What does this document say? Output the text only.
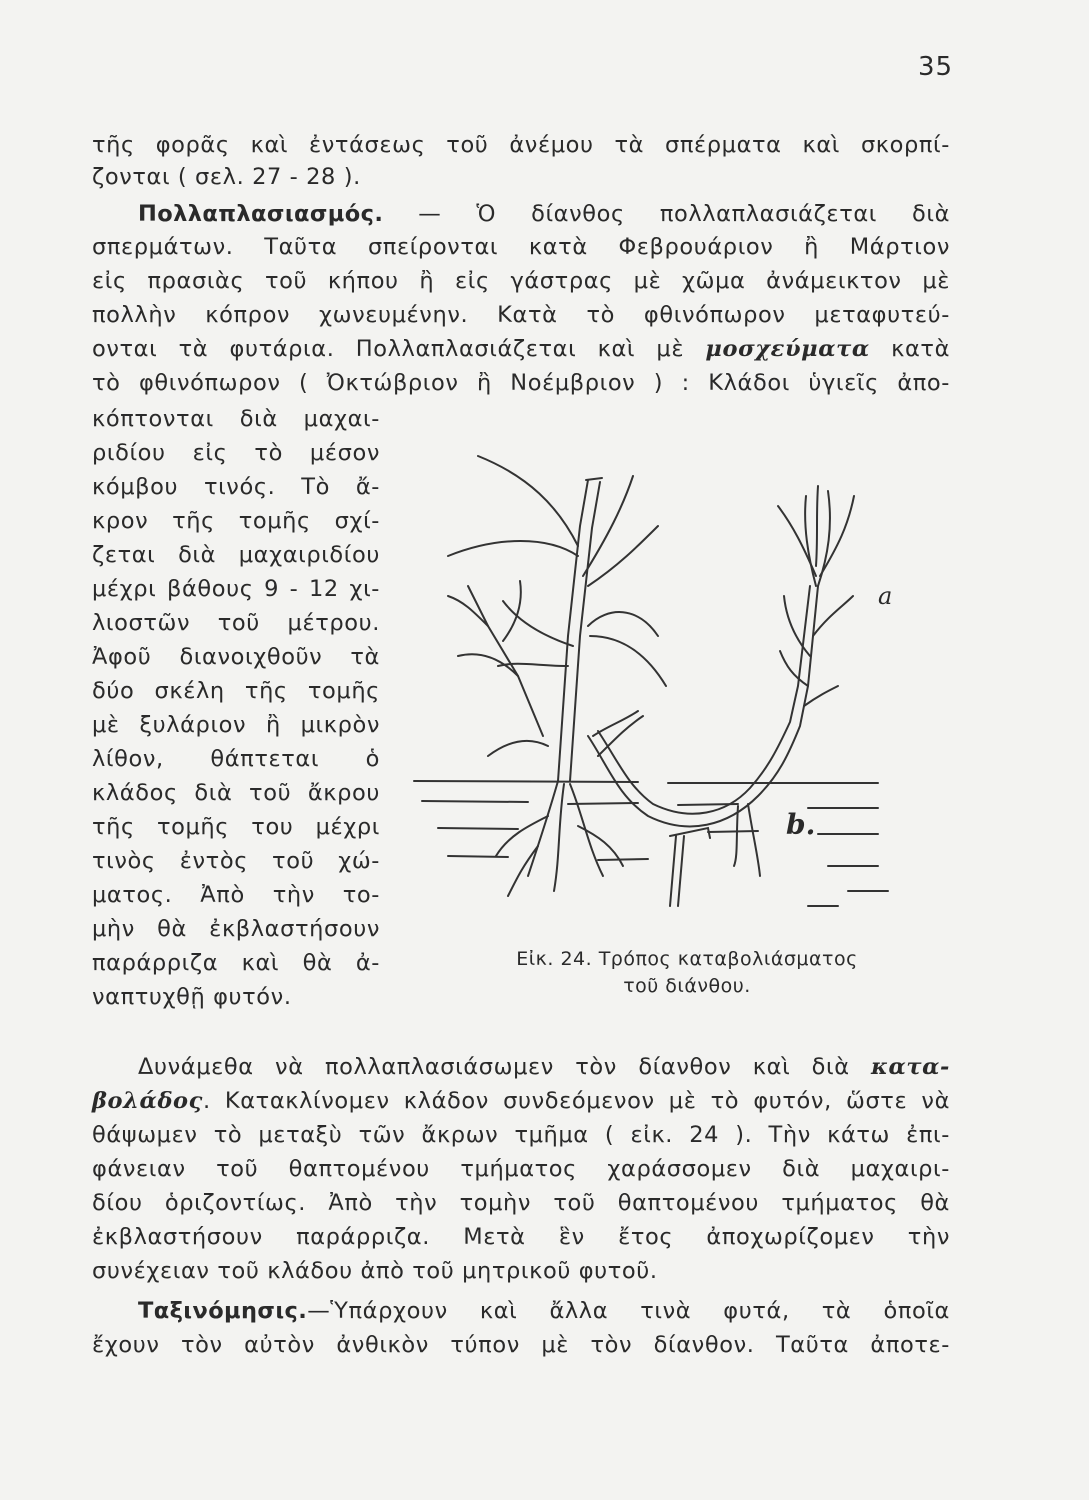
35
τῆς φορᾶς καὶ ἐντάσεως τοῦ ἀνέμου τὰ σπέρματα καὶ σκορπί-
ζονται ( σελ. 27 - 28 ).
Πολλαπλασιασμός. — Ὁ δίανθος πολλαπλασιάζεται διὰ
σπερμάτων. Ταῦτα σπείρονται κατὰ Φεβρουάριον ἢ Μάρτιον
εἰς πρασιὰς τοῦ κήπου ἢ εἰς γάστρας μὲ χῶμα ἀνάμεικτον μὲ
πολλὴν κόπρον χωνευμένην. Κατὰ τὸ φθινόπωρον μεταφυτεύ-
ονται τὰ φυτάρια. Πολλαπλασιάζεται καὶ μὲ μοσχεύματα κατὰ
τὸ φθινόπωρον ( Ὀκτώβριον ἢ Νοέμβριον ) : Κλάδοι ὑγιεῖς ἀπο-
κόπτονται διὰ μαχαι-
ριδίου εἰς τὸ μέσον
κόμβου τινός. Τὸ ἄ-
κρον τῆς τομῆς σχί-
ζεται διὰ μαχαιριδίου
μέχρι βάθους 9 - 12 χι-
λιοστῶν τοῦ μέτρου.
Ἀφοῦ διανοιχθοῦν τὰ
δύο σκέλη τῆς τομῆς
μὲ ξυλάριον ἢ μικρὸν
λίθον, θάπτεται ὁ
κλάδος διὰ τοῦ ἄκρου
τῆς τομῆς του μέχρι
τινὸς ἐντὸς τοῦ χώ-
ματος. Ἀπὸ τὴν το-
μὴν θὰ ἐκβλαστήσουν
παράρριζα καὶ θὰ ἀ-
ναπτυχθῇ φυτόν.
a
b.
Εἰκ. 24. Τρόπος καταβολιάσματος
τοῦ διάνθου.
Δυνάμεθα νὰ πολλαπλασιάσωμεν τὸν δίανθον καὶ διὰ κατα-
βολάδος. Κατακλίνομεν κλάδον συνδεόμενον μὲ τὸ φυτόν, ὥστε νὰ
θάψωμεν τὸ μεταξὺ τῶν ἄκρων τμῆμα ( εἰκ. 24 ). Τὴν κάτω ἐπι-
φάνειαν τοῦ θαπτομένου τμήματος χαράσσομεν διὰ μαχαιρι-
δίου ὁριζοντίως. Ἀπὸ τὴν τομὴν τοῦ θαπτομένου τμήματος θὰ
ἐκβλαστήσουν παράρριζα. Μετὰ ἓν ἔτος ἀποχωρίζομεν τὴν
συνέχειαν τοῦ κλάδου ἀπὸ τοῦ μητρικοῦ φυτοῦ.
Ταξινόμησις.—Ὑπάρχουν καὶ ἄλλα τινὰ φυτά, τὰ ὁποῖα
ἔχουν τὸν αὐτὸν ἀνθικὸν τύπον μὲ τὸν δίανθον. Ταῦτα ἀποτε-
